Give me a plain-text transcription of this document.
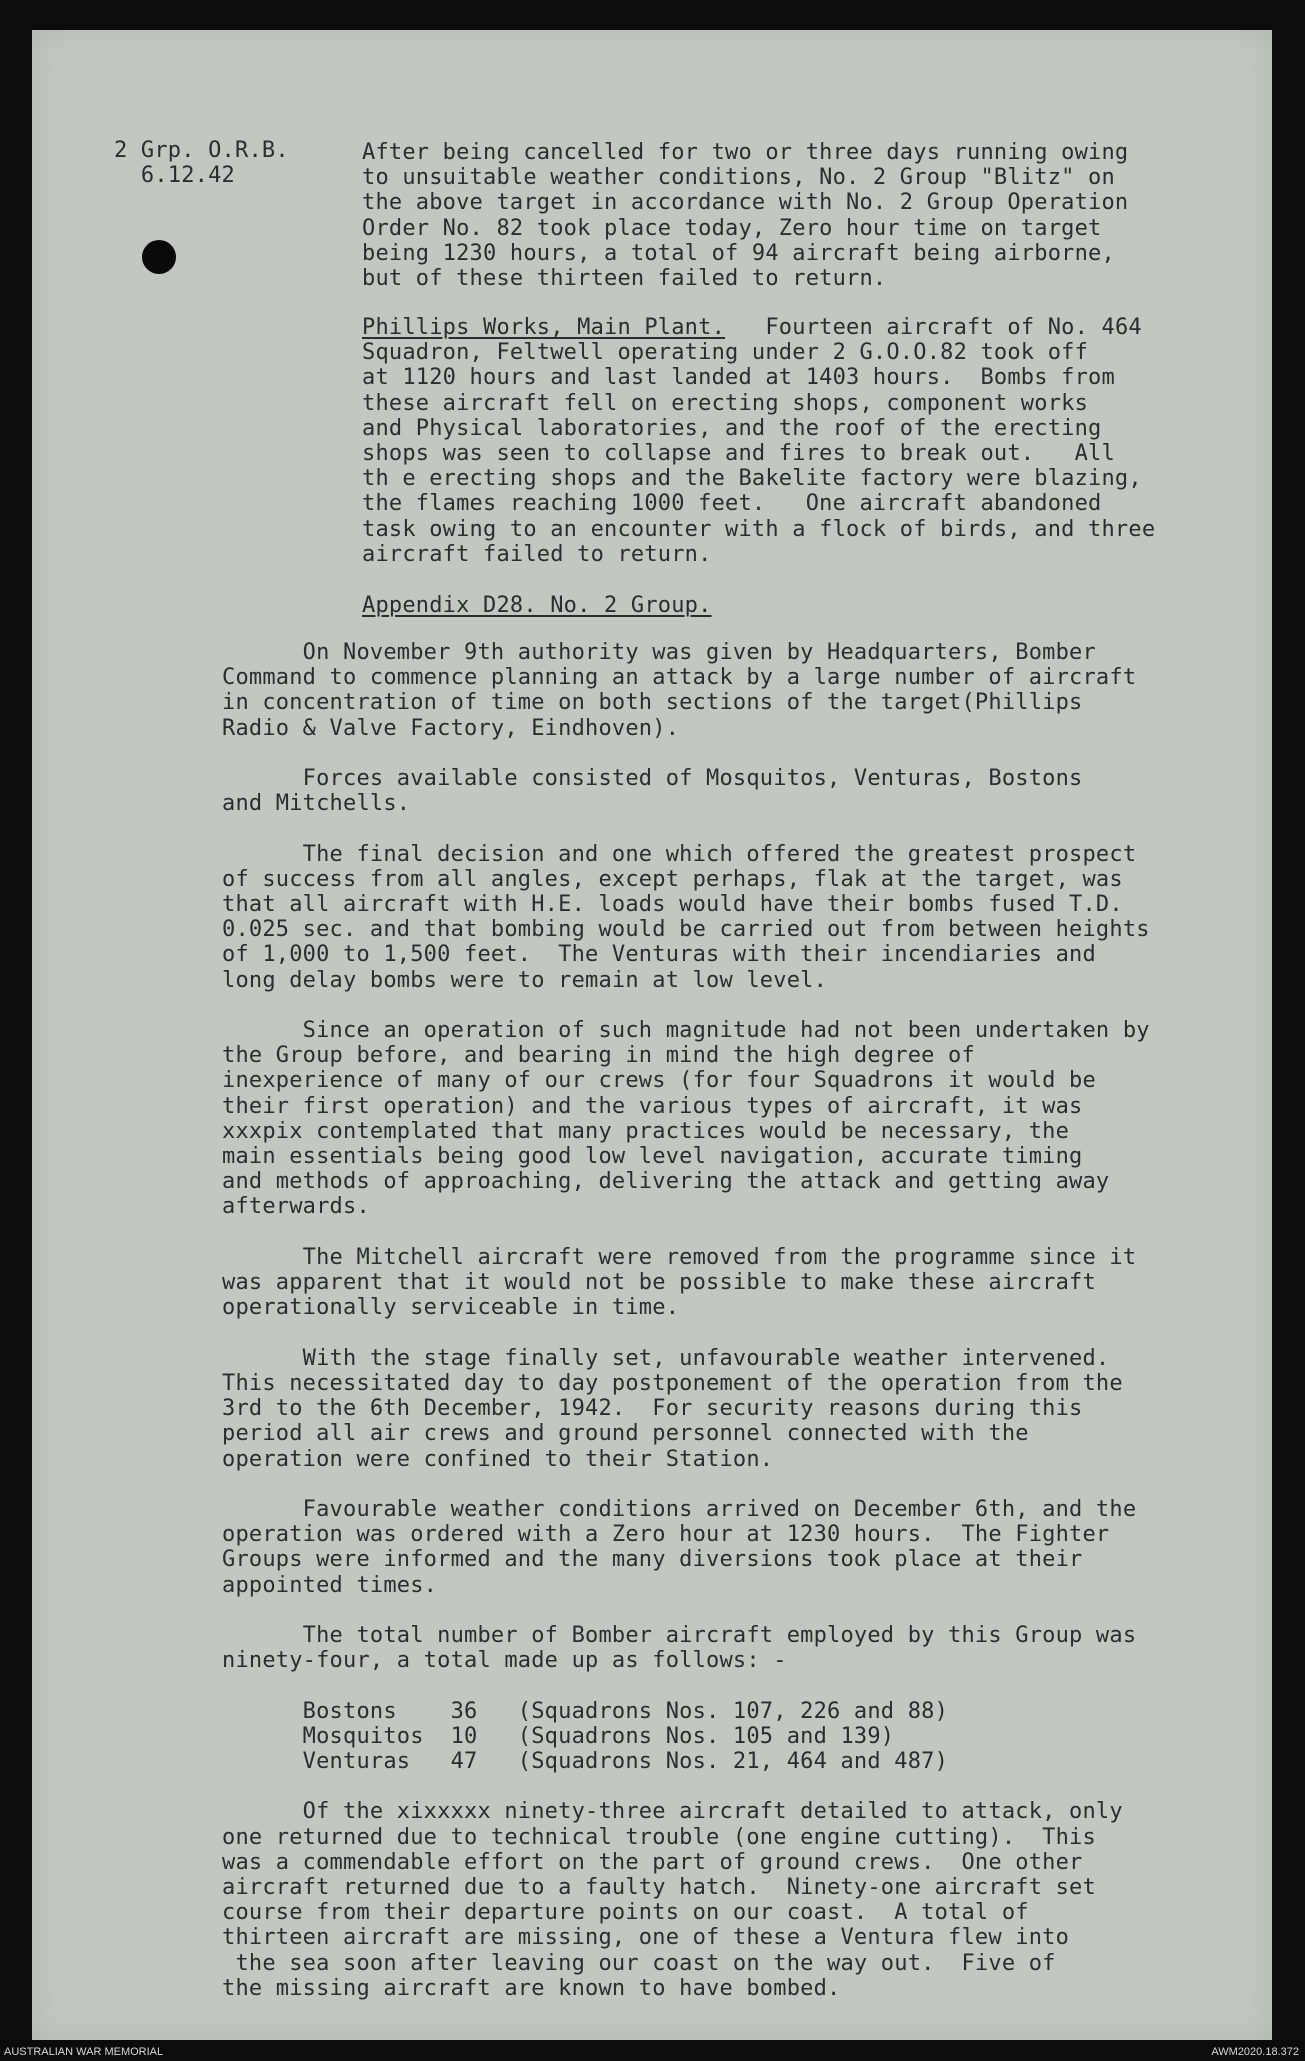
2 Grp. O.R.B.
6.12.42
After being cancelled for two or three days running owing
to unsuitable weather conditions, No. 2 Group "Blitz" on
the above target in accordance with No. 2 Group Operation
Order No. 82 took place today, Zero hour time on target
being 1230 hours, a total of 94 aircraft being airborne,
but of these thirteen failed to return.
Phillips Works, Main Plant.   Fourteen aircraft of No. 464
Squadron, Feltwell operating under 2 G.O.O.82 took off
at 1120 hours and last landed at 1403 hours.  Bombs from
these aircraft fell on erecting shops, component works
and Physical laboratories, and the roof of the erecting
shops was seen to collapse and fires to break out.   All
th e erecting shops and the Bakelite factory were blazing,
the flames reaching 1000 feet.   One aircraft abandoned
task owing to an encounter with a flock of birds, and three
aircraft failed to return.
Appendix D28. No. 2 Group.
On November 9th authority was given by Headquarters, Bomber
Command to commence planning an attack by a large number of aircraft
in concentration of time on both sections of the target(Phillips
Radio & Valve Factory, Eindhoven).

Forces available consisted of Mosquitos, Venturas, Bostons
and Mitchells.

The final decision and one which offered the greatest prospect
of success from all angles, except perhaps, flak at the target, was
that all aircraft with H.E. loads would have their bombs fused T.D.
0.025 sec. and that bombing would be carried out from between heights
of 1,000 to 1,500 feet.  The Venturas with their incendiaries and
long delay bombs were to remain at low level.

Since an operation of such magnitude had not been undertaken by
the Group before, and bearing in mind the high degree of
inexperience of many of our crews (for four Squadrons it would be
their first operation) and the various types of aircraft, it was
xxxpix contemplated that many practices would be necessary, the
main essentials being good low level navigation, accurate timing
and methods of approaching, delivering the attack and getting away
afterwards.

The Mitchell aircraft were removed from the programme since it
was apparent that it would not be possible to make these aircraft
operationally serviceable in time.

With the stage finally set, unfavourable weather intervened.
This necessitated day to day postponement of the operation from the
3rd to the 6th December, 1942.  For security reasons during this
period all air crews and ground personnel connected with the
operation were confined to their Station.

Favourable weather conditions arrived on December 6th, and the
operation was ordered with a Zero hour at 1230 hours.  The Fighter
Groups were informed and the many diversions took place at their
appointed times.

The total number of Bomber aircraft employed by this Group was
ninety-four, a total made up as follows: -

Bostons    36   (Squadrons Nos. 107, 226 and 88)
Mosquitos  10   (Squadrons Nos. 105 and 139)
Venturas   47   (Squadrons Nos. 21, 464 and 487)

Of the xixxxxx ninety-three aircraft detailed to attack, only
one returned due to technical trouble (one engine cutting).  This
was a commendable effort on the part of ground crews.  One other
aircraft returned due to a faulty hatch.  Ninety-one aircraft set
course from their departure points on our coast.  A total of
thirteen aircraft are missing, one of these a Ventura flew into
the sea soon after leaving our coast on the way out.  Five of
the missing aircraft are known to have bombed.
AUSTRALIAN WAR MEMORIAL	AWM2020.18.372
